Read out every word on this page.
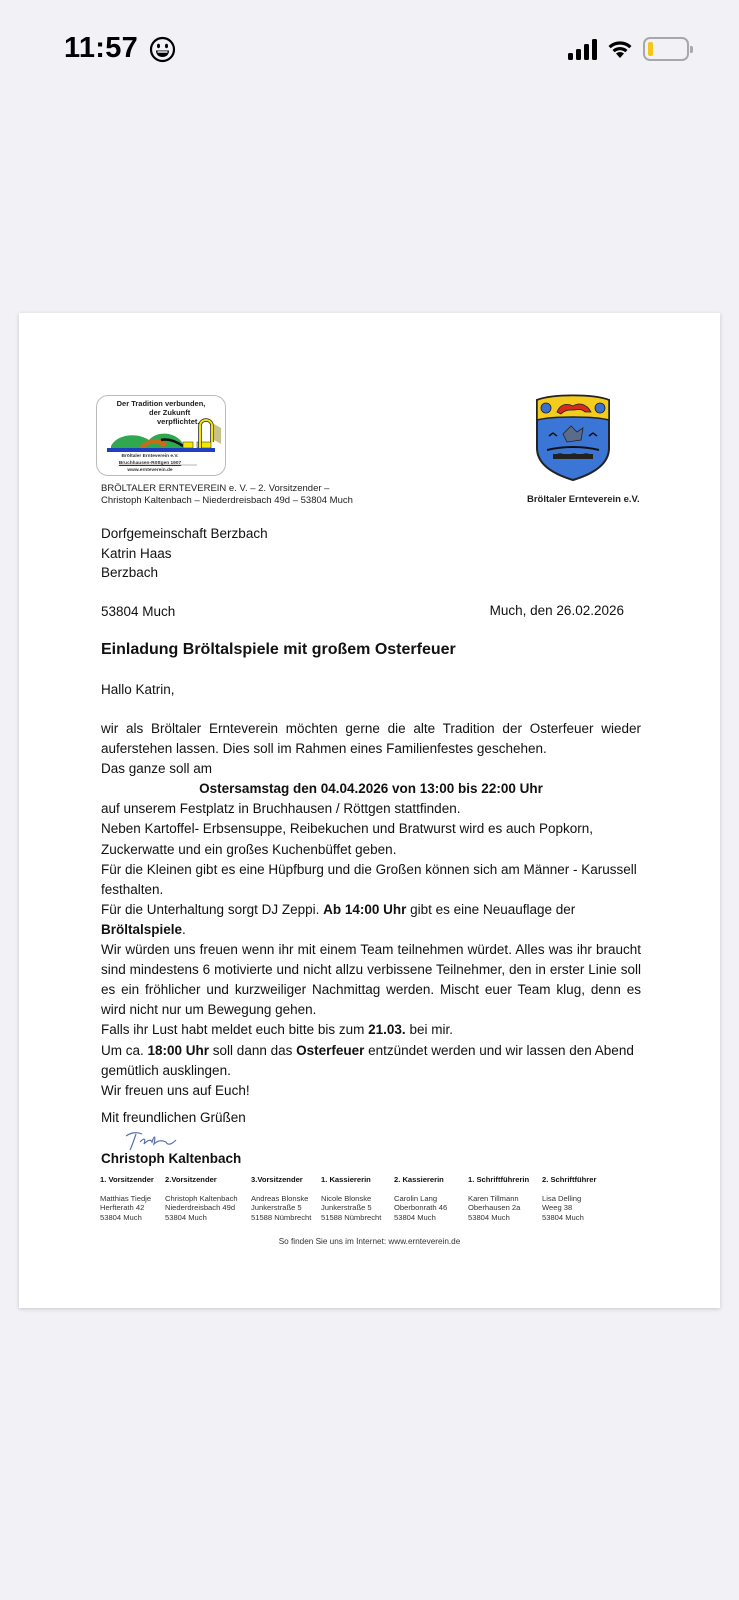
11:57
Der Tradition verbunden,
der Zukunft
verpflichtet.
Bröltaler Ernteverein e.V.
Bruchhausen-Röttgen 1907
www.ernteverein.de
BRÖLTALER ERNTEVEREIN e. V. – 2. Vorsitzender –
Christoph Kaltenbach – Niederdreisbach 49d – 53804 Much	Bröltaler Ernteverein e.V.
Dorfgemeinschaft Berzbach
Katrin Haas
Berzbach
53804 Much	Much, den 26.02.2026
Einladung Bröltalspiele mit großem Osterfeuer
Hallo Katrin,

wir als Bröltaler Ernteverein möchten gerne die alte Tradition der Osterfeuer wieder auferstehen lassen. Dies soll im Rahmen eines Familienfestes geschehen.

Das ganze soll am

Ostersamstag den 04.04.2026 von 13:00 bis 22:00 Uhr

auf unserem Festplatz in Bruchhausen / Röttgen stattfinden.

Neben Kartoffel- Erbsensuppe, Reibekuchen und Bratwurst wird es auch Popkorn, Zuckerwatte und ein großes Kuchenbüffet geben.

Für die Kleinen gibt es eine Hüpfburg und die Großen können sich am Männer - Karussell festhalten.

Für die Unterhaltung sorgt DJ Zeppi. Ab 14:00 Uhr gibt es eine Neuauflage der Bröltalspiele.

Wir würden uns freuen wenn ihr mit einem Team teilnehmen würdet. Alles was ihr braucht sind mindestens 6 motivierte und nicht allzu verbissene Teilnehmer, den in erster Linie soll es ein fröhlicher und kurzweiliger Nachmittag werden. Mischt euer Team klug, denn es wird nicht nur um Bewegung gehen.

Falls ihr Lust habt meldet euch bitte bis zum 21.03. bei mir.

Um ca. 18:00 Uhr soll dann das Osterfeuer entzündet werden und wir lassen den Abend gemütlich ausklingen.

Wir freuen uns auf Euch!

Mit freundlichen Grüßen
Christoph Kaltenbach
1. Vorsitzender
Matthias Tiedje
Herfterath 42
53804 Much
2.Vorsitzender
Christoph Kaltenbach
Niederdreisbach 49d
53804 Much
3.Vorsitzender
Andreas Blonske
Junkerstraße 5
51588 Nümbrecht
1. Kassiererin
Nicole Blonske
Junkerstraße 5
51588 Nümbrecht
2. Kassiererin
Carolin Lang
Oberbonrath 46
53804 Much
1. Schriftführerin
Karen Tillmann
Oberhausen 2a
53804 Much
2. Schriftführer
Lisa Delling
Weeg 38
53804 Much
So finden Sie uns im Internet: www.ernteverein.de
